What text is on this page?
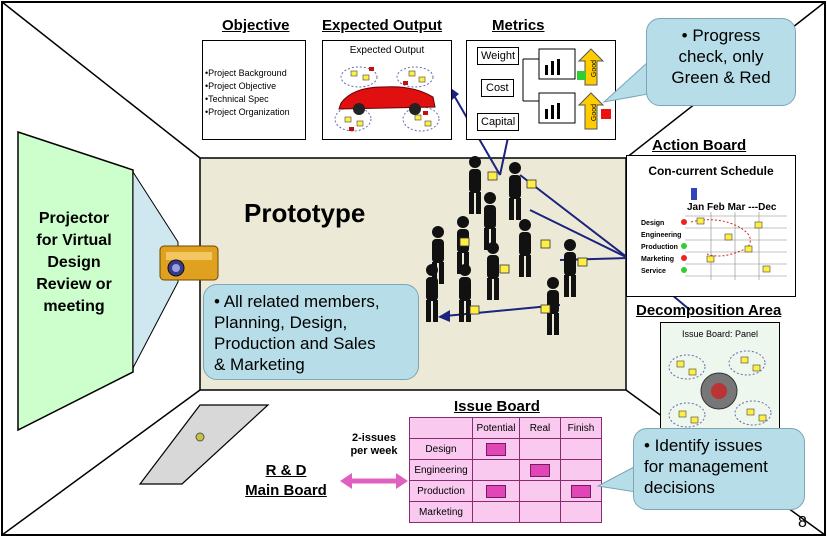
Objective Expected Output	Metrics
•Project Background
•Project Objective
•Technical Spec
•Project Organization
Expected Output	Weight
Cost
Capital
Good
Good
• Progress
check, only
Green & Red
Action Board
Con-current Schedule
Jan Feb Mar ---Dec
Design
Engineering
Production
Marketing
Service
Decomposition Area
Issue Board: Panel
Projector
for Virtual
Design
Review or
meeting
Prototype
• All related members,
Planning, Design,
Production and Sales
& Marketing
R & D
Main Board
2-issues
per week
Issue Board
	Potential	Real	Finish
Design			
Engineering			
Production			
Marketing			
• Identify issues
for management
decisions
8
